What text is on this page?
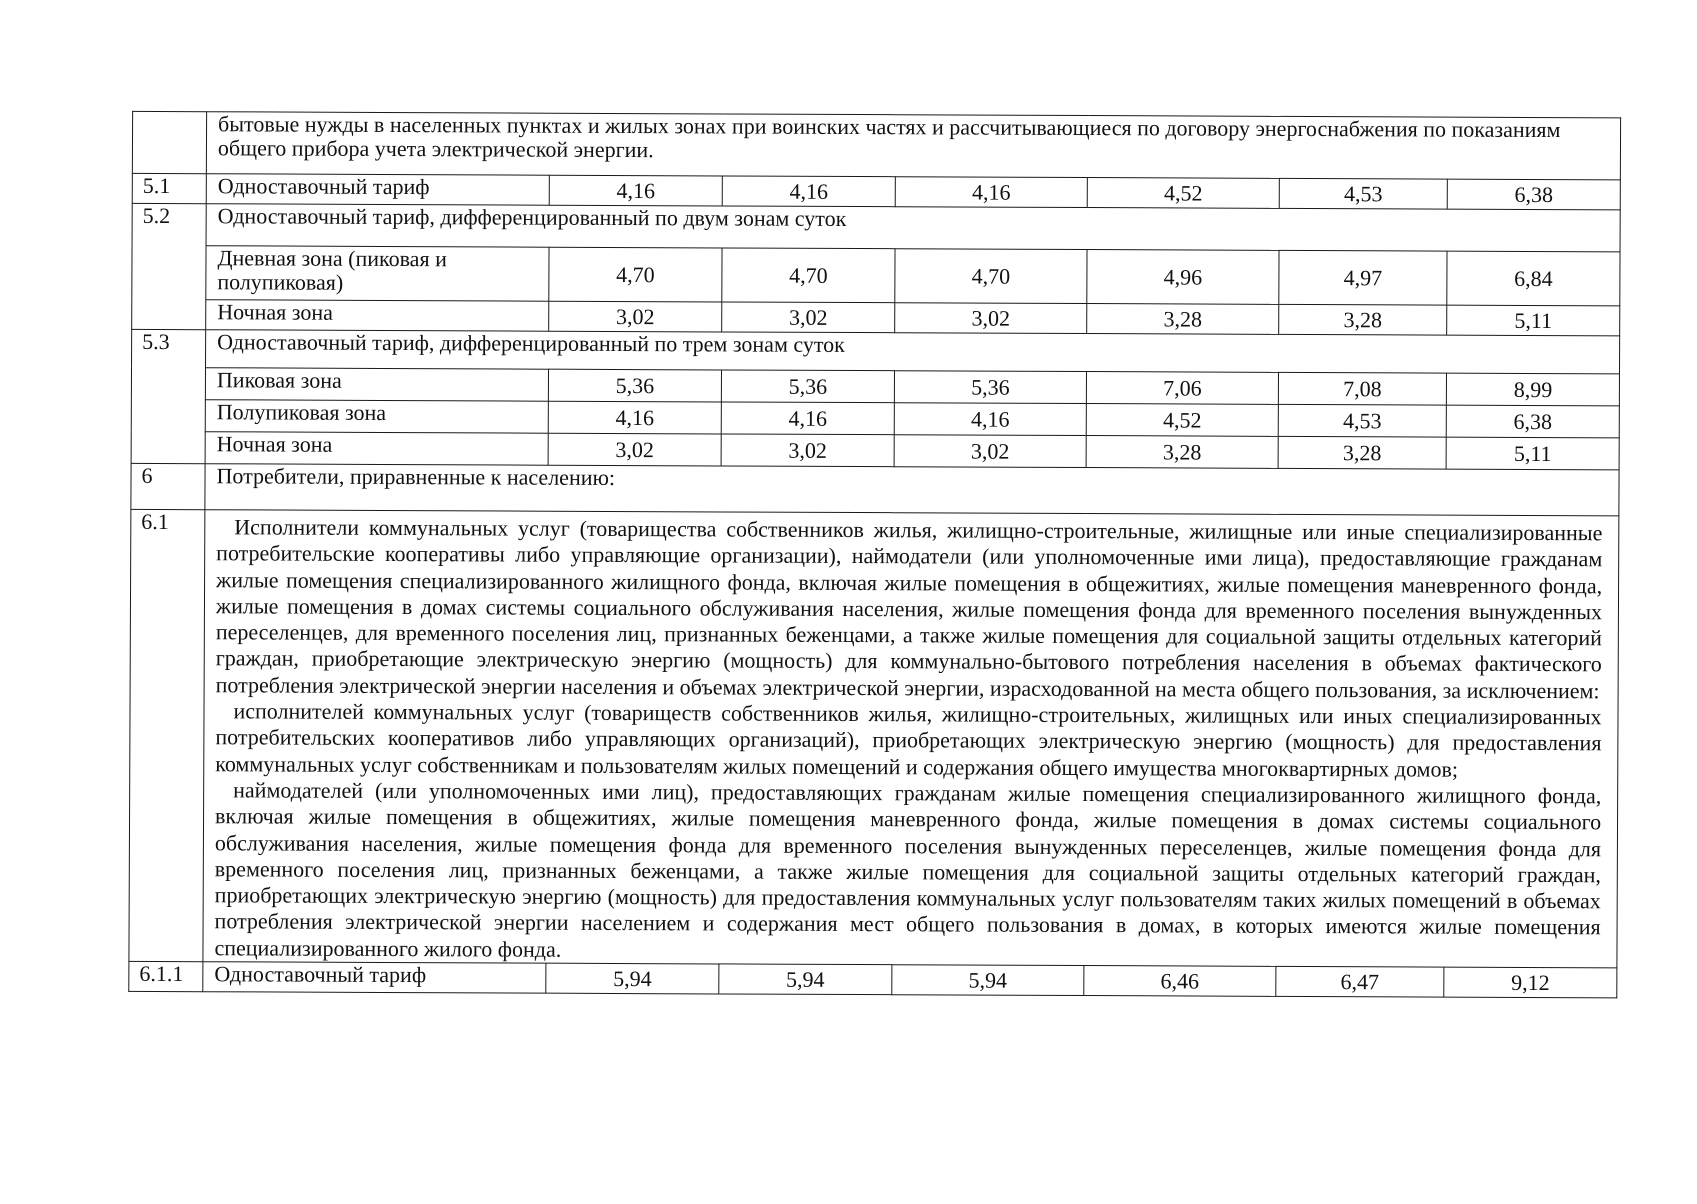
	бытовые нужды в населенных пунктах и жилых зонах при воинских частях и рассчитывающиеся по договору энергоснабжения по показаниям общего прибора учета электрической энергии.						
5.1	Одноставочный тариф	4,16	4,16	4,16	4,52	4,53	6,38
5.2	Одноставочный тариф, дифференцированный по двум зонам суток						
	Дневная зона (пиковая и полупиковая)	4,70	4,70	4,70	4,96	4,97	6,84
	Ночная зона	3,02	3,02	3,02	3,28	3,28	5,11
5.3	Одноставочный тариф, дифференцированный по трем зонам суток						
	Пиковая зона	5,36	5,36	5,36	7,06	7,08	8,99
	Полупиковая зона	4,16	4,16	4,16	4,52	4,53	6,38
	Ночная зона	3,02	3,02	3,02	3,28	3,28	5,11
6	Потребители, приравненные к населению:						
6.1	Исполнители коммунальных услуг (товарищества собственников жилья, жилищно-строительные, жилищные или иные специализированные потребительские кооперативы либо управляющие организации), наймодатели (или уполномоченные ими лица), предоставляющие гражданам жилые помещения специализированного жилищного фонда, включая жилые помещения в общежитиях, жилые помещения маневренного фонда, жилые помещения в домах системы социального обслуживания населения, жилые помещения фонда для временного поселения вынужденных переселенцев, для временного поселения лиц, признанных беженцами, а также жилые помещения для социальной защиты отдельных категорий граждан, приобретающие электрическую энергию (мощность) для коммунально-бытового потребления населения в объемах фактического потребления электрической энергии населения и объемах электрической энергии, израсходованной на места общего пользования, за исключением:

исполнителей коммунальных услуг (товариществ собственников жилья, жилищно-строительных, жилищных или иных специализированных потребительских кооперативов либо управляющих организаций), приобретающих электрическую энергию (мощность) для предоставления коммунальных услуг собственникам и пользователям жилых помещений и содержания общего имущества многоквартирных домов;

наймодателей (или уполномоченных ими лиц), предоставляющих гражданам жилые помещения специализированного жилищного фонда, включая жилые помещения в общежитиях, жилые помещения маневренного фонда, жилые помещения в домах системы социального обслуживания населения, жилые помещения фонда для временного поселения вынужденных переселенцев, жилые помещения фонда для временного поселения лиц, признанных беженцами, а также жилые помещения для социальной защиты отдельных категорий граждан, приобретающих электрическую энергию (мощность) для предоставления коммунальных услуг пользователям таких жилых помещений в объемах потребления электрической энергии населением и содержания мест общего пользования в домах, в которых имеются жилые помещения специализированного жилого фонда.						

6.1.1	Одноставочный тариф	5,94	5,94	5,94	6,46	6,47	9,12
